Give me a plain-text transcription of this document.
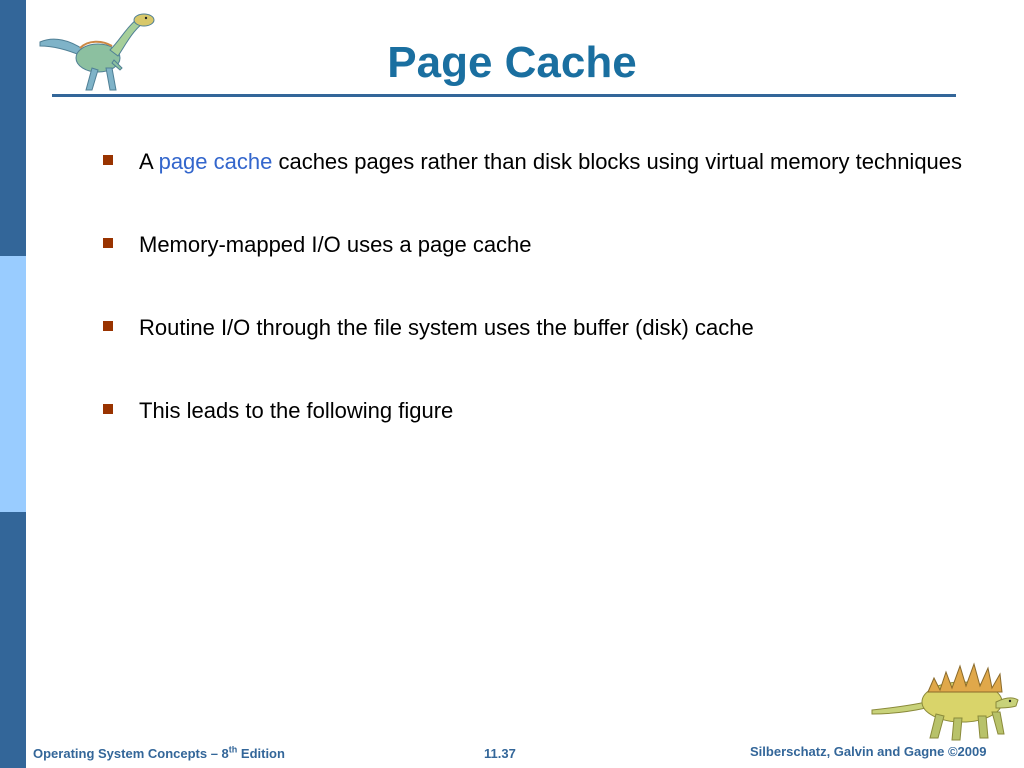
Page Cache
A page cache caches pages rather than disk blocks using virtual memory techniques
Memory-mapped I/O uses a page cache
Routine I/O through the file system uses the buffer (disk) cache
This leads to the following figure
Operating System Concepts – 8th Edition	11.37	Silberschatz, Galvin and Gagne ©2009
